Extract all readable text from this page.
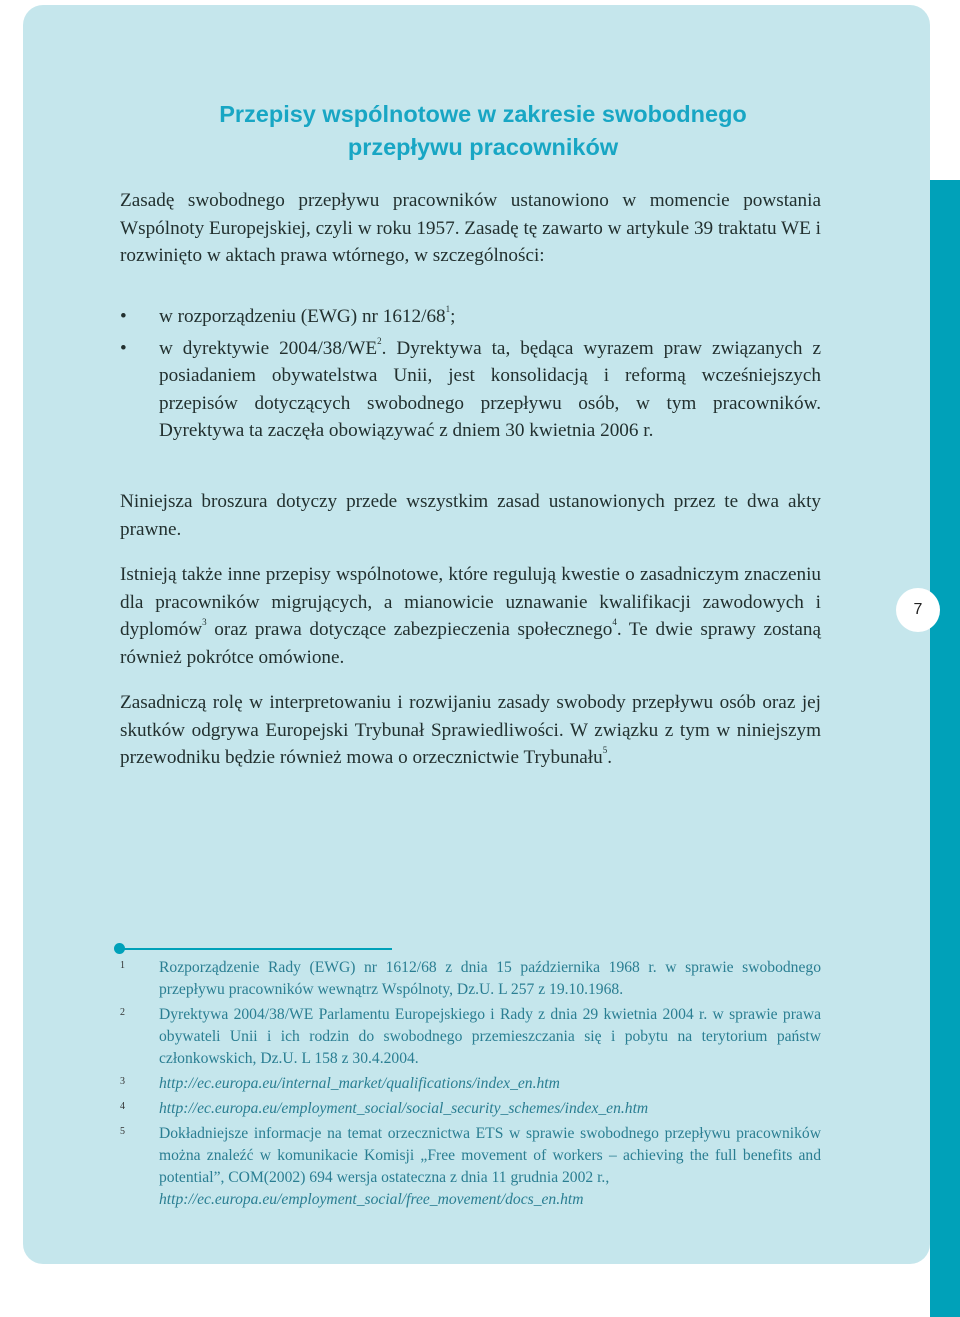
7
Przepisy wspólnotowe w zakresie swobodnego
przepływu pracowników

Zasadę swobodnego przepływu pracowników ustanowiono w momencie powstania Wspólnoty Europejskiej, czyli w roku 1957. Zasadę tę zawarto w artykule 39 traktatu WE i rozwinięto w aktach prawa wtórnego, w szczególności:

• w rozporządzeniu (EWG) nr $1612/68^1$;
• w dyrektywie $2004/38/WE^2$. Dyrektywa ta, będąca wyrazem praw związanych z posiadaniem obywatelstwa Unii, jest konsolidacją i reformą wcześniejszych przepisów dotyczących swobodnego przepływu osób, w tym pracowników. Dyrektywa ta zaczęła obowiązywać z dniem 30 kwietnia 2006 r.

Niniejsza broszura dotyczy przede wszystkim zasad ustanowionych przez te dwa akty prawne.

Istnieją także inne przepisy wspólnotowe, które regulują kwestie o zasadniczym znaczeniu dla pracowników migrujących, a mianowicie uznawanie kwalifikacji zawodowych i dyplomów$^3$ oraz prawa dotyczące zabezpieczenia społecznego$^4$. Te dwie sprawy zostaną również pokrótce omówione.

Zasadniczą rolę w interpretowaniu i rozwijaniu zasady swobody przepływu osób oraz jej skutków odgrywa Europejski Trybunał Sprawiedliwości. W związku z tym w niniejszym przewodniku będzie również mowa o orzecznictwie Trybunału$^5$.

1 Rozporządzenie Rady (EWG) nr 1612/68 z dnia 15 października 1968 r. w sprawie swobodnego przepływu pracowników wewnątrz Wspólnoty, Dz.U. L 257 z 19.10.1968.
2 Dyrektywa 2004/38/WE Parlamentu Europejskiego i Rady z dnia 29 kwietnia 2004 r. w sprawie prawa obywateli Unii i ich rodzin do swobodnego przemieszczania się i pobytu na terytorium państw członkowskich, Dz.U. L 158 z 30.4.2004.
3 http://ec.europa.eu/internal_market/qualifications/index_en.htm
4 http://ec.europa.eu/employment_social/social_security_schemes/index_en.htm
5 Dokładniejsze informacje na temat orzecznictwa ETS w sprawie swobodnego przepływu pracowników można znaleźć w komunikacie Komisji „Free movement of workers – achieving the full benefits and potential”, COM(2002) 694 wersja ostateczna z dnia 11 grudnia 2002 r.,
http://ec.europa.eu/employment_social/free_movement/docs_en.htm
